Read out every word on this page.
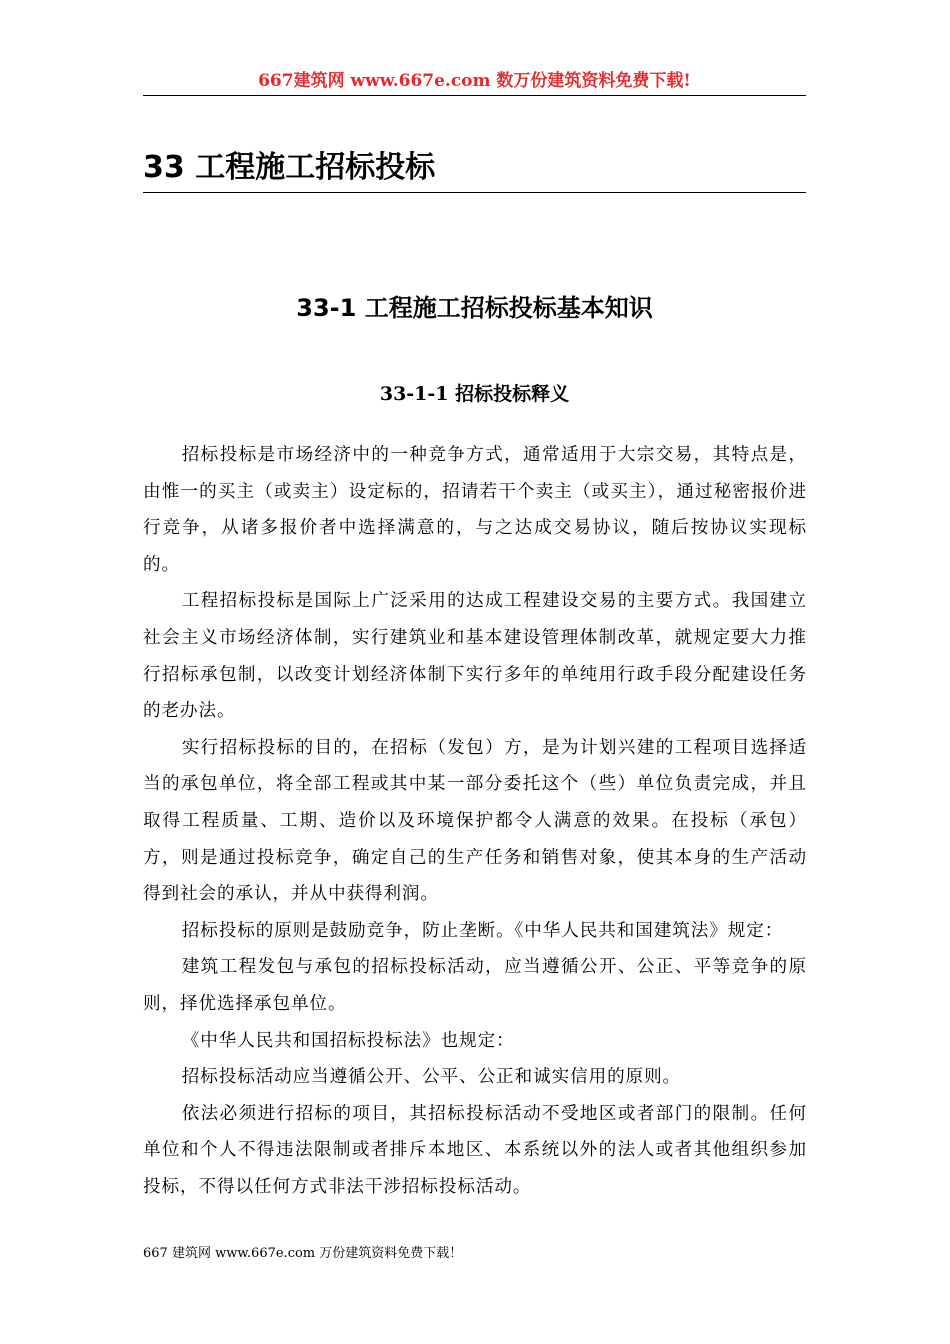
667建筑网 www.667e.com 数万份建筑资料免费下载!
33 工程施工招标投标
33-1 工程施工招标投标基本知识
33-1-1 招标投标释义

招标投标是市场经济中的一种竞争方式，通常适用于大宗交易，其特点是，由惟一的买主（或卖主）设定标的，招请若干个卖主（或买主），通过秘密报价进行竞争，从诸多报价者中选择满意的，与之达成交易协议，随后按协议实现标的。

工程招标投标是国际上广泛采用的达成工程建设交易的主要方式。我国建立社会主义市场经济体制，实行建筑业和基本建设管理体制改革，就规定要大力推行招标承包制，以改变计划经济体制下实行多年的单纯用行政手段分配建设任务的老办法。

实行招标投标的目的，在招标（发包）方，是为计划兴建的工程项目选择适当的承包单位，将全部工程或其中某一部分委托这个（些）单位负责完成，并且取得工程质量、工期、造价以及环境保护都令人满意的效果。在投标（承包）方，则是通过投标竞争，确定自己的生产任务和销售对象，使其本身的生产活动得到社会的承认，并从中获得利润。

招标投标的原则是鼓励竞争，防止垄断。《中华人民共和国建筑法》规定：

建筑工程发包与承包的招标投标活动，应当遵循公开、公正、平等竞争的原则，择优选择承包单位。

《中华人民共和国招标投标法》也规定：

招标投标活动应当遵循公开、公平、公正和诚实信用的原则。

依法必须进行招标的项目，其招标投标活动不受地区或者部门的限制。任何单位和个人不得违法限制或者排斥本地区、本系统以外的法人或者其他组织参加投标，不得以任何方式非法干涉招标投标活动。

667 建筑网 www.667e.com 万份建筑资料免费下载！
